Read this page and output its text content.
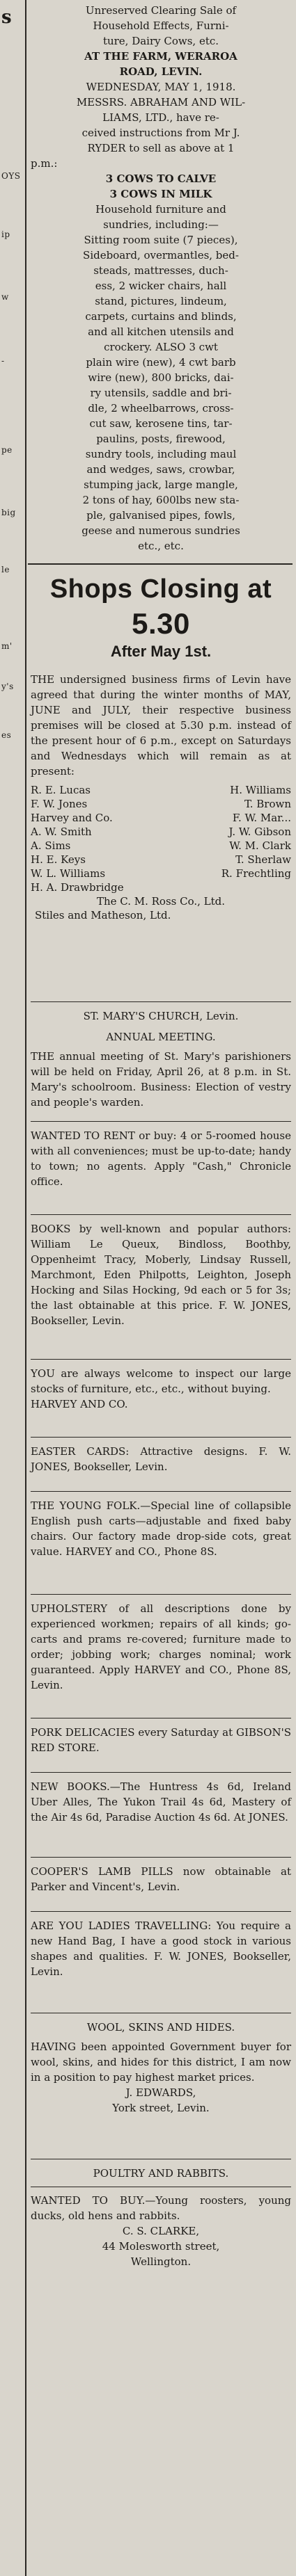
s
OYS
ip
w
-
pe
big
le
m'
y's
es
Unreserved Clearing Sale of
Household Effects, Furni-
ture, Dairy Cows, etc.
AT THE FARM, WERAROA
ROAD, LEVIN.
WEDNESDAY, MAY 1, 1918.
MESSRS. ABRAHAM AND WIL-
LIAMS, LTD., have re-
ceived instructions from Mr J.
RYDER to sell as above at 1
p.m.:
3 COWS TO CALVE
3 COWS IN MILK
Household furniture and
sundries, including:—
Sitting room suite (7 pieces),
Sideboard, overmantles, bed-
steads, mattresses, duch-
ess, 2 wicker chairs, hall
stand, pictures, lindeum,
carpets, curtains and blinds,
and all kitchen utensils and
crockery. ALSO 3 cwt
plain wire (new), 4 cwt barb
wire (new), 800 bricks, dai-
ry utensils, saddle and bri-
dle, 2 wheelbarrows, cross-
cut saw, kerosene tins, tar-
paulins, posts, firewood,
sundry tools, including maul
and wedges, saws, crowbar,
stumping jack, large mangle,
2 tons of hay, 600lbs new sta-
ple, galvanised pipes, fowls,
geese and numerous sundries
etc., etc.
Shops Closing at
5.30
After May 1st.
THE undersigned business firms of Levin have agreed that during the winter months of MAY, JUNE and JULY, their respective business premises will be closed at 5.30 p.m. instead of the present hour of 6 p.m., except on Saturdays and Wednesdays which will remain as at present:
R. E. Lucas	H. Williams
F. W. Jones	T. Brown
Harvey and Co.	F. W. Mar...
A. W. Smith	J. W. Gibson
A. Sims	W. M. Clark
H. E. Keys	T. Sherlaw
W. L. Williams	R. Frechtling
H. A. Drawbridge
The C. M. Ross Co., Ltd.
Stiles and Matheson, Ltd.
ST. MARY'S CHURCH, Levin.
ANNUAL MEETING.
THE annual meeting of St. Mary's parishioners will be held on Friday, April 26, at 8 p.m. in St. Mary's schoolroom. Business: Election of vestry and people's warden.
WANTED TO RENT or buy: 4 or 5-roomed house with all conveniences; must be up-to-date; handy to town; no agents. Apply "Cash," Chronicle office.
BOOKS by well-known and popular authors: William Le Queux, Bindloss, Boothby, Oppenheimt Tracy, Moberly, Lindsay Russell, Marchmont, Eden Philpotts, Leighton, Joseph Hocking and Silas Hocking, 9d each or 5 for 3s; the last obtainable at this price. F. W. JONES, Bookseller, Levin.
YOU are always welcome to inspect our large stocks of furniture, etc., etc., without buying.
HARVEY AND CO.
EASTER CARDS: Attractive designs. F. W. JONES, Bookseller, Levin.
THE YOUNG FOLK.—Special line of collapsible English push carts—adjustable and fixed baby chairs. Our factory made drop-side cots, great value. HARVEY and CO., Phone 8S.
UPHOLSTERY of all descriptions done by experienced workmen; repairs of all kinds; go-carts and prams re-covered; furniture made to order; jobbing work; charges nominal; work guaranteed. Apply HARVEY and CO., Phone 8S, Levin.
PORK DELICACIES every Saturday at GIBSON'S RED STORE.
NEW BOOKS.—The Huntress 4s 6d, Ireland Uber Alles, The Yukon Trail 4s 6d, Mastery of the Air 4s 6d, Paradise Auction 4s 6d. At JONES.
COOPER'S LAMB PILLS now obtainable at Parker and Vincent's, Levin.
ARE YOU LADIES TRAVELLING: You require a new Hand Bag, I have a good stock in various shapes and qualities. F. W. JONES, Bookseller, Levin.
WOOL, SKINS AND HIDES.
HAVING been appointed Government buyer for wool, skins, and hides for this district, I am now in a position to pay highest market prices.
J. EDWARDS,
York street, Levin.
POULTRY AND RABBITS.
WANTED TO BUY.—Young roosters, young ducks, old hens and rabbits.
C. S. CLARKE,
44 Molesworth street,
Wellington.
